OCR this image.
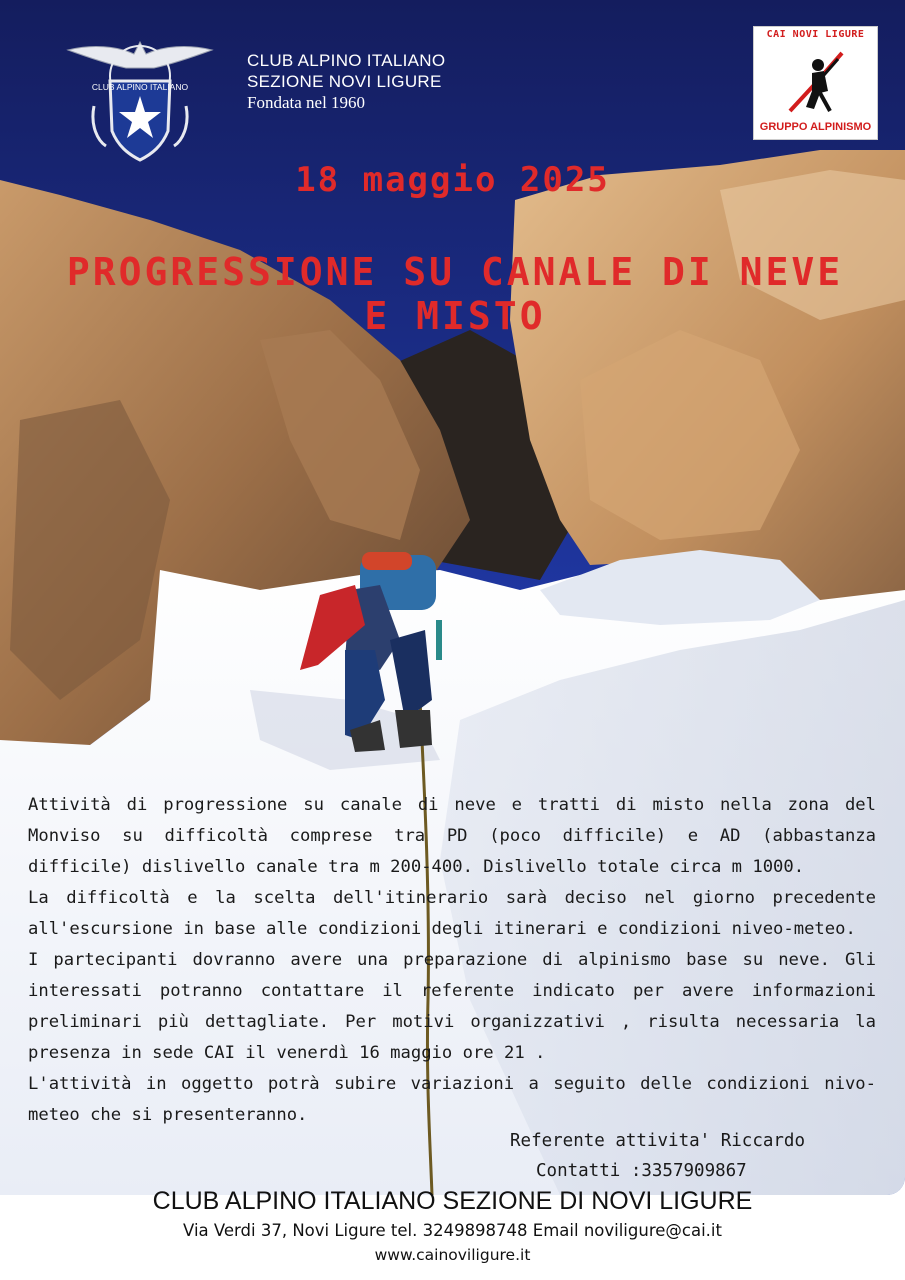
CLUB ALPINO ITALIANO
CLUB ALPINO ITALIANO
SEZIONE NOVI LIGURE
Fondata nel 1960
CAI NOVI LIGURE
GRUPPO ALPINISMO
18 maggio 2025
PROGRESSIONE SU CANALE DI NEVE
E MISTO

Attività di progressione su canale di neve e tratti di misto nella zona del Monviso su difficoltà comprese tra PD (poco difficile) e AD (abbastanza difficile) dislivello canale tra m 200-400. Dislivello totale circa m 1000.

La difficoltà e la scelta dell'itinerario sarà deciso nel giorno precedente all'escursione in base alle condizioni degli itinerari e condizioni niveo-meteo.

I partecipanti dovranno avere una preparazione di alpinismo base su neve. Gli interessati potranno contattare il referente indicato per avere informazioni preliminari più dettagliate. Per motivi organizzativi , risulta necessaria la presenza in sede CAI il venerdì 16 maggio ore 21 .

L'attività in oggetto potrà subire variazioni a seguito delle condizioni nivo-meteo che si presenteranno.

Referente attivita' Riccardo
Contatti :3357909867
CLUB ALPINO ITALIANO SEZIONE DI NOVI LIGURE
Via Verdi 37, Novi Ligure tel. 3249898748 Email noviligure@cai.it
www.cainoviligure.it
